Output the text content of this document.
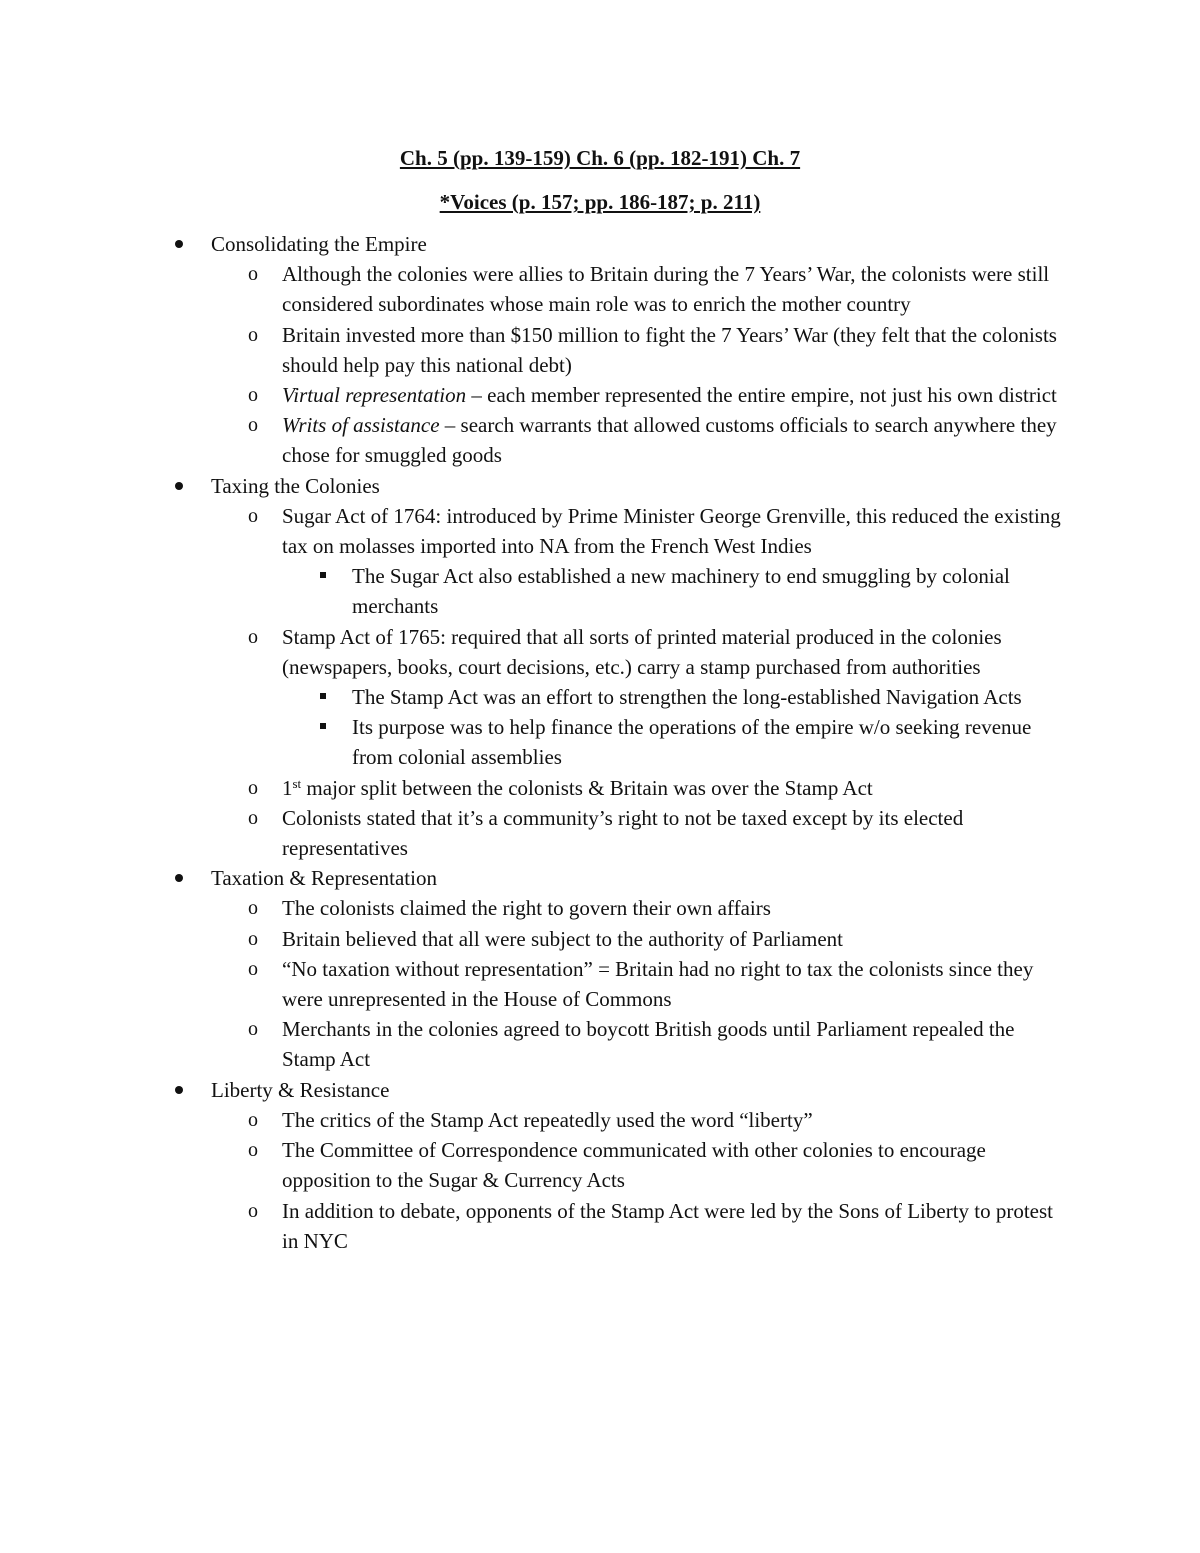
Ch. 5 (pp. 139-159) Ch. 6 (pp. 182-191) Ch. 7
*Voices (p. 157; pp. 186-187; p. 211)
Consolidating the Empire
o Although the colonies were allies to Britain during the 7 Years’ War, the colonists were still considered subordinates whose main role was to enrich the mother country
o Britain invested more than $150 million to fight the 7 Years’ War (they felt that the colonists should help pay this national debt)
o Virtual representation – each member represented the entire empire, not just his own district
o Writs of assistance – search warrants that allowed customs officials to search anywhere they chose for smuggled goods
Taxing the Colonies
o Sugar Act of 1764: introduced by Prime Minister George Grenville, this reduced the existing tax on molasses imported into NA from the French West Indies
The Sugar Act also established a new machinery to end smuggling by colonial merchants
o Stamp Act of 1765: required that all sorts of printed material produced in the colonies (newspapers, books, court decisions, etc.) carry a stamp purchased from authorities
The Stamp Act was an effort to strengthen the long-established Navigation Acts
Its purpose was to help finance the operations of the empire w/o seeking revenue from colonial assemblies
o 1st major split between the colonists & Britain was over the Stamp Act
o Colonists stated that it’s a community’s right to not be taxed except by its elected representatives
Taxation & Representation
o The colonists claimed the right to govern their own affairs
o Britain believed that all were subject to the authority of Parliament
o “No taxation without representation” = Britain had no right to tax the colonists since they were unrepresented in the House of Commons
o Merchants in the colonies agreed to boycott British goods until Parliament repealed the Stamp Act
Liberty & Resistance
o The critics of the Stamp Act repeatedly used the word “liberty”
o The Committee of Correspondence communicated with other colonies to encourage opposition to the Sugar & Currency Acts
o In addition to debate, opponents of the Stamp Act were led by the Sons of Liberty to protest in NYC
